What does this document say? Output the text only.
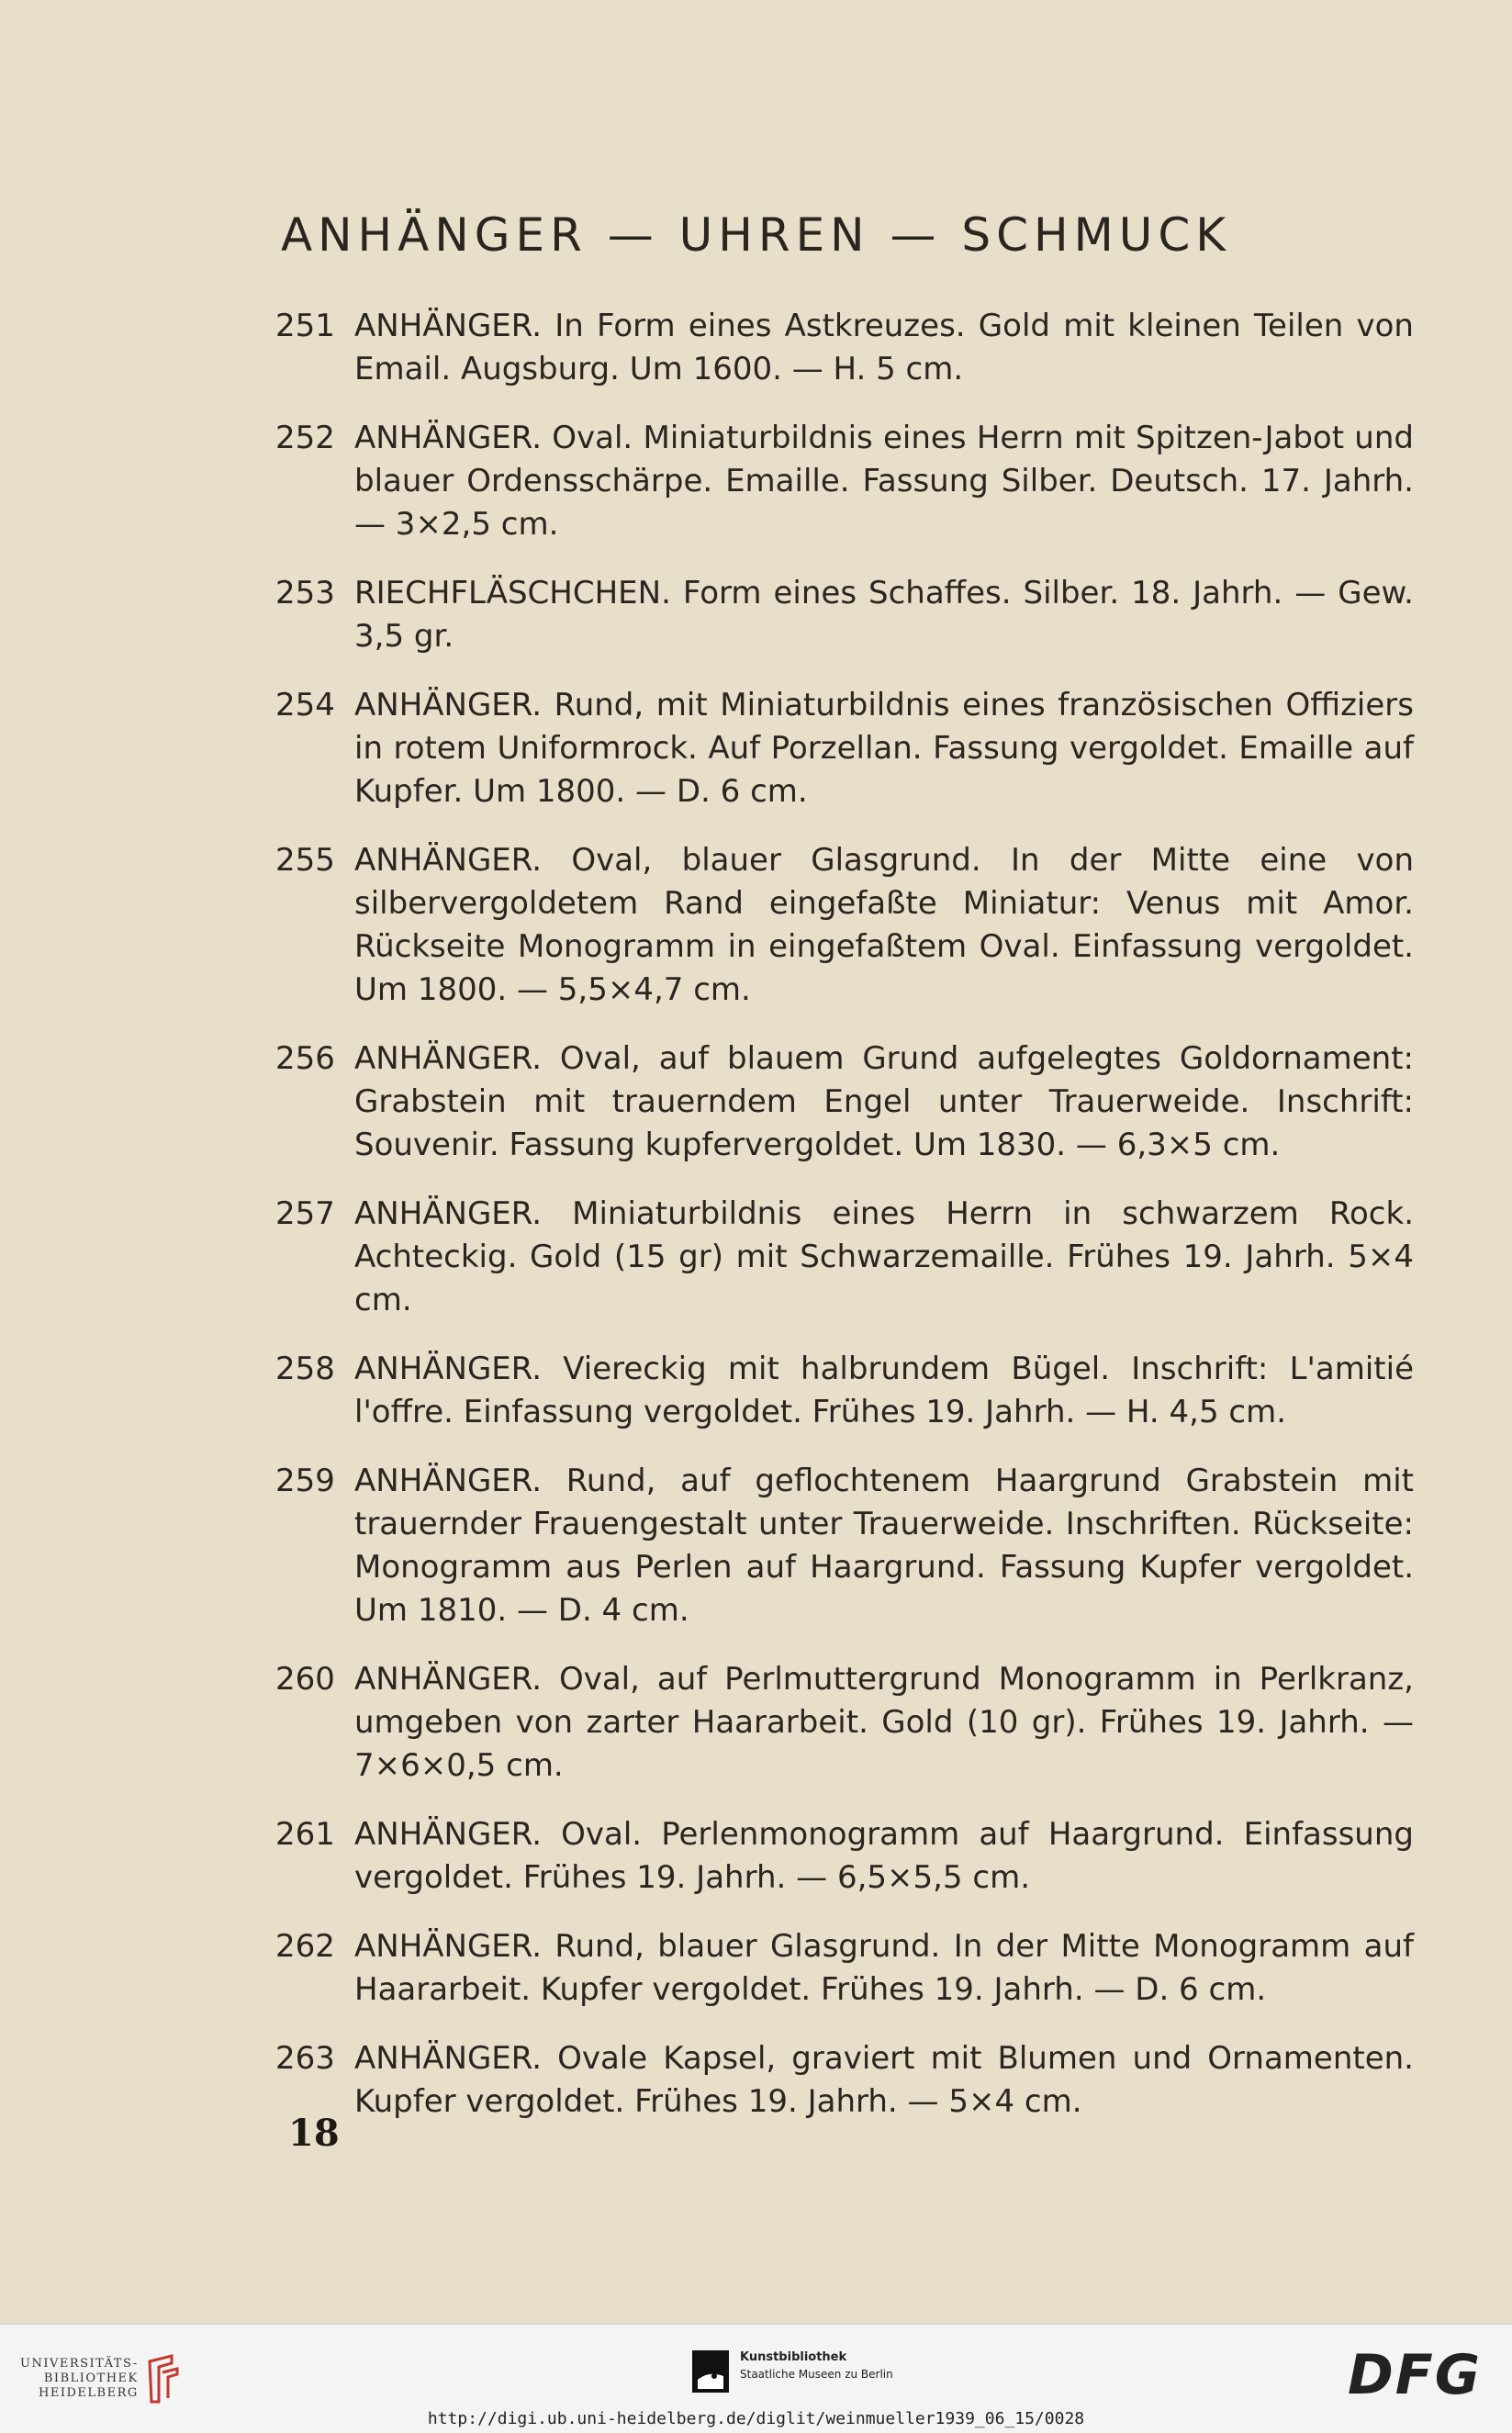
ANHÄNGER — UHREN — SCHMUCK
251 ANHÄNGER. In Form eines Astkreuzes. Gold mit kleinen Teilen von Email. Augsburg. Um 1600. — H. 5 cm.
252 ANHÄNGER. Oval. Miniaturbildnis eines Herrn mit Spitzen-Jabot und blauer Ordensschärpe. Emaille. Fassung Silber. Deutsch. 17. Jahrh. — 3×2,5 cm.
253 RIECHFLÄSCHCHEN. Form eines Schaffes. Silber. 18. Jahrh. — Gew. 3,5 gr.
254 ANHÄNGER. Rund, mit Miniaturbildnis eines französischen Offiziers in rotem Uniformrock. Auf Porzellan. Fassung vergoldet. Emaille auf Kupfer. Um 1800. — D. 6 cm.
255 ANHÄNGER. Oval, blauer Glasgrund. In der Mitte eine von silbervergoldetem Rand eingefaßte Miniatur: Venus mit Amor. Rückseite Monogramm in eingefaßtem Oval. Einfassung vergoldet. Um 1800. — 5,5×4,7 cm.
256 ANHÄNGER. Oval, auf blauem Grund aufgelegtes Goldornament: Grabstein mit trauerndem Engel unter Trauerweide. Inschrift: Souvenir. Fassung kupfervergoldet. Um 1830. — 6,3×5 cm.
257 ANHÄNGER. Miniaturbildnis eines Herrn in schwarzem Rock. Achteckig. Gold (15 gr) mit Schwarzemaille. Frühes 19. Jahrh. 5×4 cm.
258 ANHÄNGER. Viereckig mit halbrundem Bügel. Inschrift: L'amitié l'offre. Einfassung vergoldet. Frühes 19. Jahrh. — H. 4,5 cm.
259 ANHÄNGER. Rund, auf geflochtenem Haargrund Grabstein mit trauernder Frauengestalt unter Trauerweide. Inschriften. Rückseite: Monogramm aus Perlen auf Haargrund. Fassung Kupfer vergoldet. Um 1810. — D. 4 cm.
260 ANHÄNGER. Oval, auf Perlmuttergrund Monogramm in Perlkranz, umgeben von zarter Haararbeit. Gold (10 gr). Frühes 19. Jahrh. — 7×6×0,5 cm.
261 ANHÄNGER. Oval. Perlenmonogramm auf Haargrund. Einfassung vergoldet. Frühes 19. Jahrh. — 6,5×5,5 cm.
262 ANHÄNGER. Rund, blauer Glasgrund. In der Mitte Monogramm auf Haararbeit. Kupfer vergoldet. Frühes 19. Jahrh. — D. 6 cm.
263 ANHÄNGER. Ovale Kapsel, graviert mit Blumen und Ornamenten. Kupfer vergoldet. Frühes 19. Jahrh. — 5×4 cm.
18
UNIVERSITÄTS-
BIBLIOTHEK
HEIDELBERG
Kunstbibliothek
Staatliche Museen zu Berlin	DFG
http://digi.ub.uni-heidelberg.de/diglit/weinmueller1939_06_15/0028
